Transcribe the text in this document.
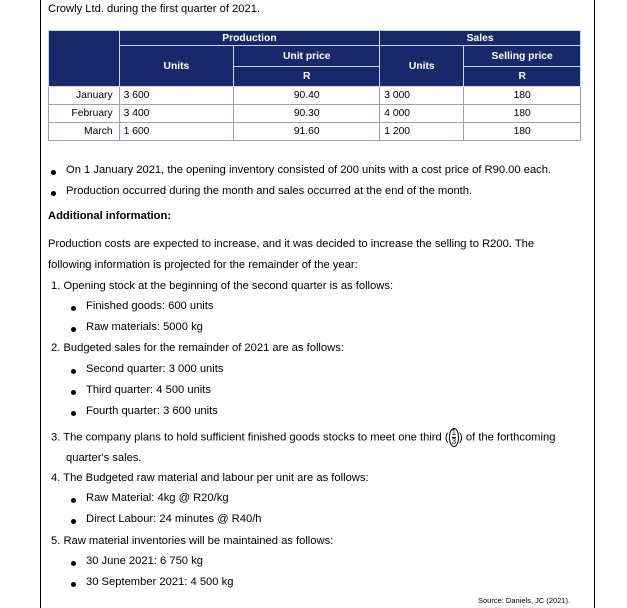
Crowly Ltd. during the first quarter of 2021.
	Production		Sales	
	Units	Unit price	Units	Selling price
		R		R
January	3 600	90.40	3 000	180
February	3 400	90.30	4 000	180
March	1 600	91.60	1 200	180
On 1 January 2021, the opening inventory consisted of 200 units with a cost price of R90.00 each.
Production occurred during the month and sales occurred at the end of the month.
Additional information:
Production costs are expected to increase, and it was decided to increase the selling to R200. The
following information is projected for the remainder of the year:
1. Opening stock at the beginning of the second quarter is as follows:
Finished goods: 600 units
Raw materials: 5000 kg
2. Budgeted sales for the remainder of 2021 are as follows:
Second quarter: 3 000 units
Third quarter: 4 500 units
Fourth quarter: 3 600 units
3. The company plans to hold sufficient finished goods stocks to meet one third ( $\frac{1}{3}$) of the forthcoming
quarter's sales.
4. The Budgeted raw material and labour per unit are as follows:
Raw Material: 4kg @ R20/kg
Direct Labour: 24 minutes @ R40/h
5. Raw material inventories will be maintained as follows:
30 June 2021: 6 750 kg
30 September 2021: 4 500 kg
Source: Daniels, JC (2021).
